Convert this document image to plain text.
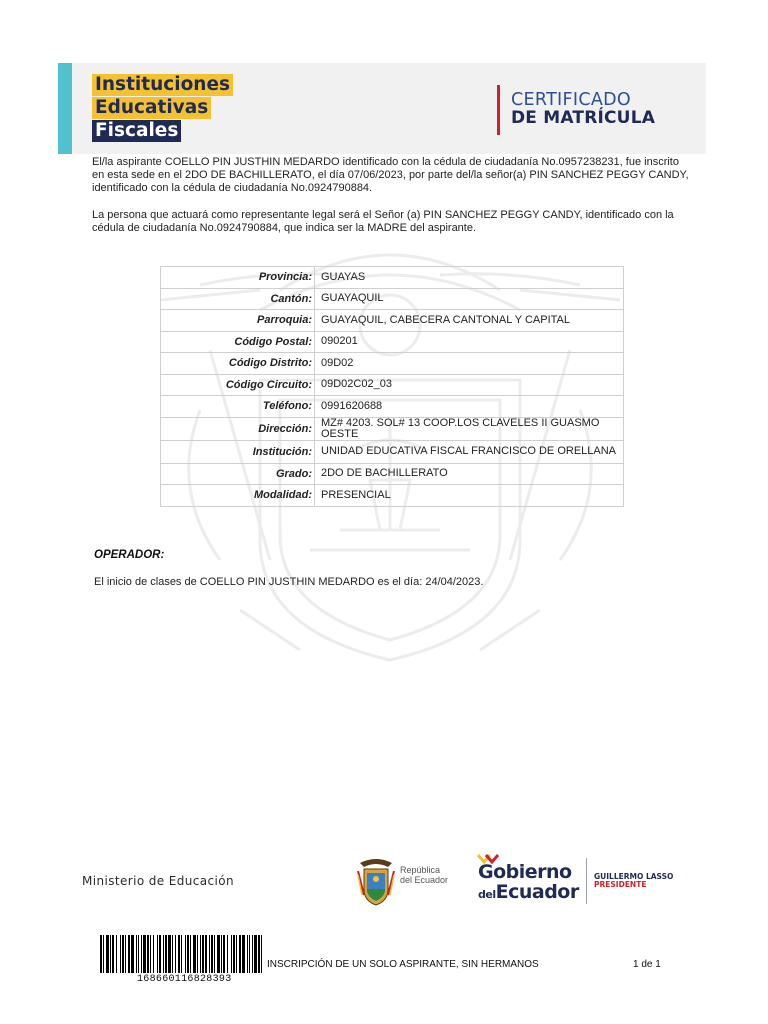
Instituciones
Educativas
Fiscales
CERTIFICADO
DE MATRÍCULA

El/la aspirante COELLO PIN JUSTHIN MEDARDO identificado con la cédula de ciudadanía No.0957238231, fue inscrito en esta sede en el 2DO DE BACHILLERATO, el día 07/06/2023, por parte del/la señor(a) PIN SANCHEZ PEGGY CANDY, identificado con la cédula de ciudadanía No.0924790884.

La persona que actuará como representante legal será el Señor (a) PIN SANCHEZ PEGGY CANDY, identificado con la cédula de ciudadanía No.0924790884, que indica ser la MADRE del aspirante.

Provincia:	GUAYAS
Cantón:	GUAYAQUIL
Parroquia:	GUAYAQUIL, CABECERA CANTONAL Y CAPITAL
Código Postal:	090201
Código Distrito:	09D02
Código Circuito:	09D02C02_03
Teléfono:	0991620688
Dirección:	MZ# 4203. SOL# 13 COOP.LOS CLAVELES II GUASMO OESTE
Institución:	UNIDAD EDUCATIVA FISCAL FRANCISCO DE ORELLANA
Grado:	2DO DE BACHILLERATO
Modalidad:	PRESENCIAL
OPERADOR:
El inicio de clases de COELLO PIN JUSTHIN MEDARDO es el día: 24/04/2023.
Ministerio de Educación
República
del Ecuador Gobierno
delEcuador
GUILLERMO LASSO
PRESIDENTE
168660116828393
INSCRIPCIÓN DE UN SOLO ASPIRANTE, SIN HERMANOS	1 de 1
